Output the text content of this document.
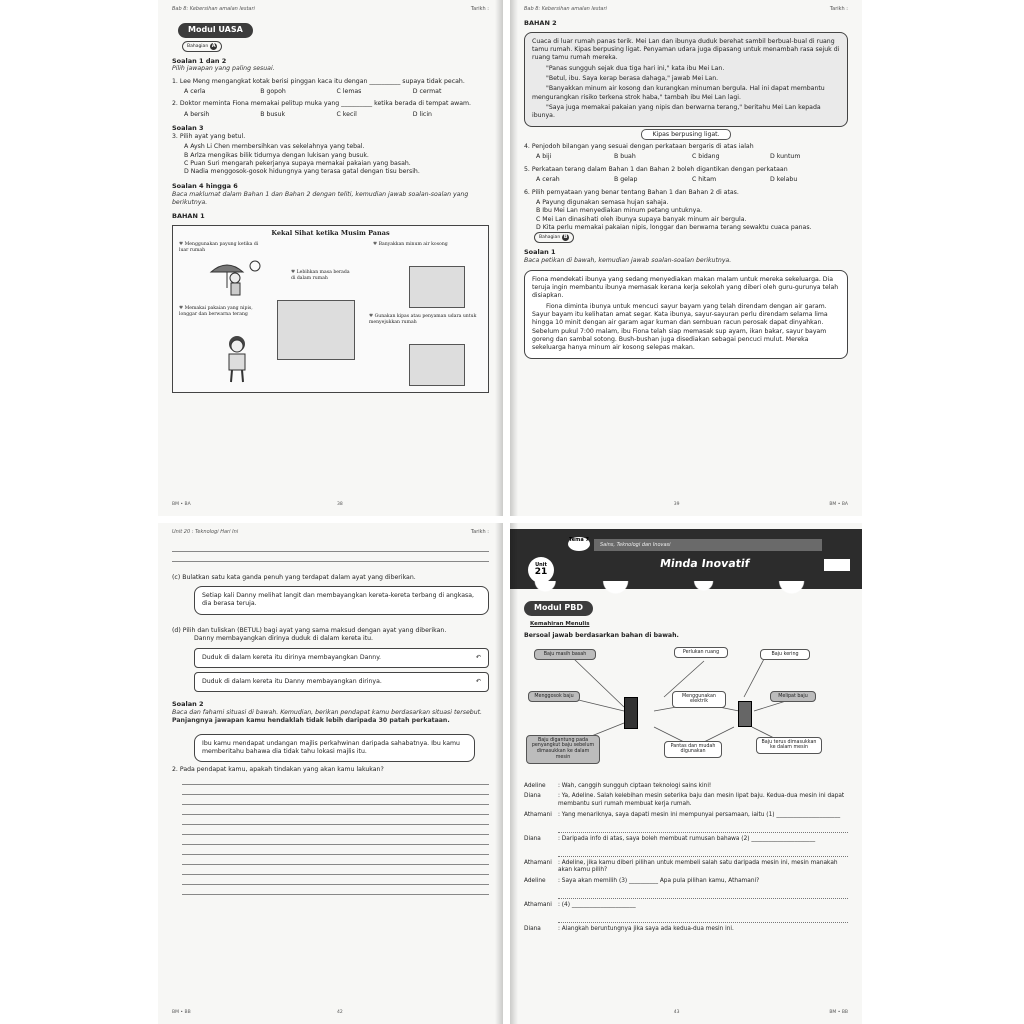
Bab 8: Kebersihan amalan lestari	Tarikh :
Modul UASA
Bahagian A
Soalan 1 dan 2
Pilih jawapan yang paling sesuai.
1. Lee Meng mengangkat kotak berisi pinggan kaca itu dengan __________ supaya tidak pecah.
A cerla	B gopoh	C lemas	D cermat
2. Doktor meminta Fiona memakai pelitup muka yang __________ ketika berada di tempat awam.
A bersih	B busuk	C kecil	D licin
Soalan 3
3. Pilih ayat yang betul.
A Aysh Li Chen membersihkan vas sekelahnya yang tebal.
B Arlza mengikas bilik tidurnya dengan lukisan yang busuk.
C Puan Suri mengarah pekerjanya supaya memakai pakaian yang basah.
D Nadia menggosok-gosok hidungnya yang terasa gatal dengan tisu bersih.
Soalan 4 hingga 6
Baca maklumat dalam Bahan 1 dan Bahan 2 dengan teliti, kemudian jawab soalan-soalan yang berikutnya.
BAHAN 1
Kekal Sihat ketika Musim Panas
♥ Menggunakan payung ketika di luar rumah
♥ Banyakkan minum air kosong
♥ Lebihkan masa berada di dalam rumah
♥ Memakai pakaian yang nipis, longgar dan berwarna terang
♥	Gunakan kipas atau penyaman udara untuk menyejukkan rumah
BM • BA	38
Bab 8: Kebersihan amalan lestari	Tarikh :
BAHAN 2

Cuaca di luar rumah panas terik. Mei Lan dan ibunya duduk berehat sambil berbual-bual di ruang tamu rumah. Kipas berpusing ligat. Penyaman udara juga dipasang untuk menambah rasa sejuk di ruang tamu rumah mereka.

"Panas sungguh sejak dua tiga hari ini," kata ibu Mei Lan.

"Betul, ibu. Saya kerap berasa dahaga," jawab Mei Lan.

"Banyakkan minum air kosong dan kurangkan minuman bergula. Hal ini dapat membantu mengurangkan risiko terkena strok haba," tambah ibu Mei Lan lagi.

"Saya juga memakai pakaian yang nipis dan berwarna terang," beritahu Mei Lan kepada ibunya.

Kipas berpusing ligat.
4. Penjodoh bilangan yang sesuai dengan perkataan bergaris di atas ialah
A biji	B buah	C bidang	D kuntum
5. Perkataan terang dalam Bahan 1 dan Bahan 2 boleh digantikan dengan perkataan
A cerah	B gelap	C hitam	D kelabu
6. Pilih pernyataan yang benar tentang Bahan 1 dan Bahan 2 di atas.
A Payung digunakan semasa hujan sahaja.
B Ibu Mei Lan menyediakan minum petang untuknya.
C Mei Lan dinasihati oleh ibunya supaya banyak minum air bergula.
D Kita perlu memakai pakaian nipis, longgar dan berwarna terang sewaktu cuaca panas.
Bahagian B
Soalan 1
Baca petikan di bawah, kemudian jawab soalan-soalan berikutnya.

Fiona mendekati ibunya yang sedang menyediakan makan malam untuk mereka sekeluarga. Dia teruja ingin membantu ibunya memasak kerana kerja sekolah yang diberi oleh guru-gurunya telah disiapkan.

Fiona diminta ibunya untuk mencuci sayur bayam yang telah direndam dengan air garam. Sayur bayam itu kelihatan amat segar. Kata ibunya, sayur-sayuran perlu direndam selama lima hingga 10 minit dengan air garam agar kuman dan sembuan racun perosak dapat dinyahkan. Sebelum pukul 7:00 malam, ibu Fiona telah siap memasak sup ayam, ikan bakar, sayur bayam goreng dan sambal sotong. Bush-bushan juga disediakan sebagai pencuci mulut. Mereka sekeluarga hanya minum air kosong selepas makan.

39	BM • BA
Unit 20 : Teknologi Hari Ini	Tarikh :
(c) Bulatkan satu kata ganda penuh yang terdapat dalam ayat yang diberikan.
Setiap kali Danny melihat langit dan membayangkan kereta-kereta terbang di angkasa, dia berasa teruja.
(d) Pilih dan tuliskan (BETUL) bagi ayat yang sama maksud dengan ayat yang diberikan.
Danny membayangkan dirinya duduk di dalam kereta itu.
Duduk di dalam kereta itu dirinya membayangkan Danny.	↶
Duduk di dalam kereta itu Danny membayangkan dirinya.	↶
Soalan 2
Baca dan fahami situasi di bawah. Kemudian, berikan pendapat kamu berdasarkan situasi tersebut.
Panjangnya jawapan kamu hendaklah tidak lebih daripada 30 patah perkataan.
Ibu kamu mendapat undangan majlis perkahwinan daripada sahabatnya. Ibu kamu memberitahu bahawa dia tidak tahu lokasi majlis itu.
2. Pada pendapat kamu, apakah tindakan yang akan kamu lakukan?
BM • BB	42
Tema 7
Sains, Teknologi dan Inovasi
Unit
21
Minda Inovatif
Modul PBD
Kemahiran Menulis
Bersoal jawab berdasarkan bahan di bawah.
Baju masih basah	Perlukan ruang	Baju kering
Menggosok baju	Menggunakan elektrik
Melipat baju
Baju digantung pada penyangkut baju sebelum dimasukkan ke dalam mesin
Pantas dan mudah digunakan
Baju terus dimasukkan ke dalam mesin
Adeline	: Wah, canggih sungguh ciptaan teknologi sains kini!
Diana	: Ya, Adeline. Salah kelebihan mesin seterika baju dan mesin lipat baju. Kedua-dua mesin ini dapat membantu suri rumah membuat kerja rumah.
Athamani	: Yang menariknya, saya dapati mesin ini mempunyai persamaan, iaitu (1) ______________________
Diana	: Daripada info di atas, saya boleh membuat rumusan bahawa (2) ______________________
Athamani	: Adeline, jika kamu diberi pilihan untuk membeli salah satu daripada mesin ini, mesin manakah akan kamu pilih?
Adeline	: Saya akan memilih (3) __________ Apa pula pilihan kamu, Athamani?
Athamani	: (4) ______________________
Diana	: Alangkah beruntungnya jika saya ada kedua-dua mesin ini.
43	BM • BB
